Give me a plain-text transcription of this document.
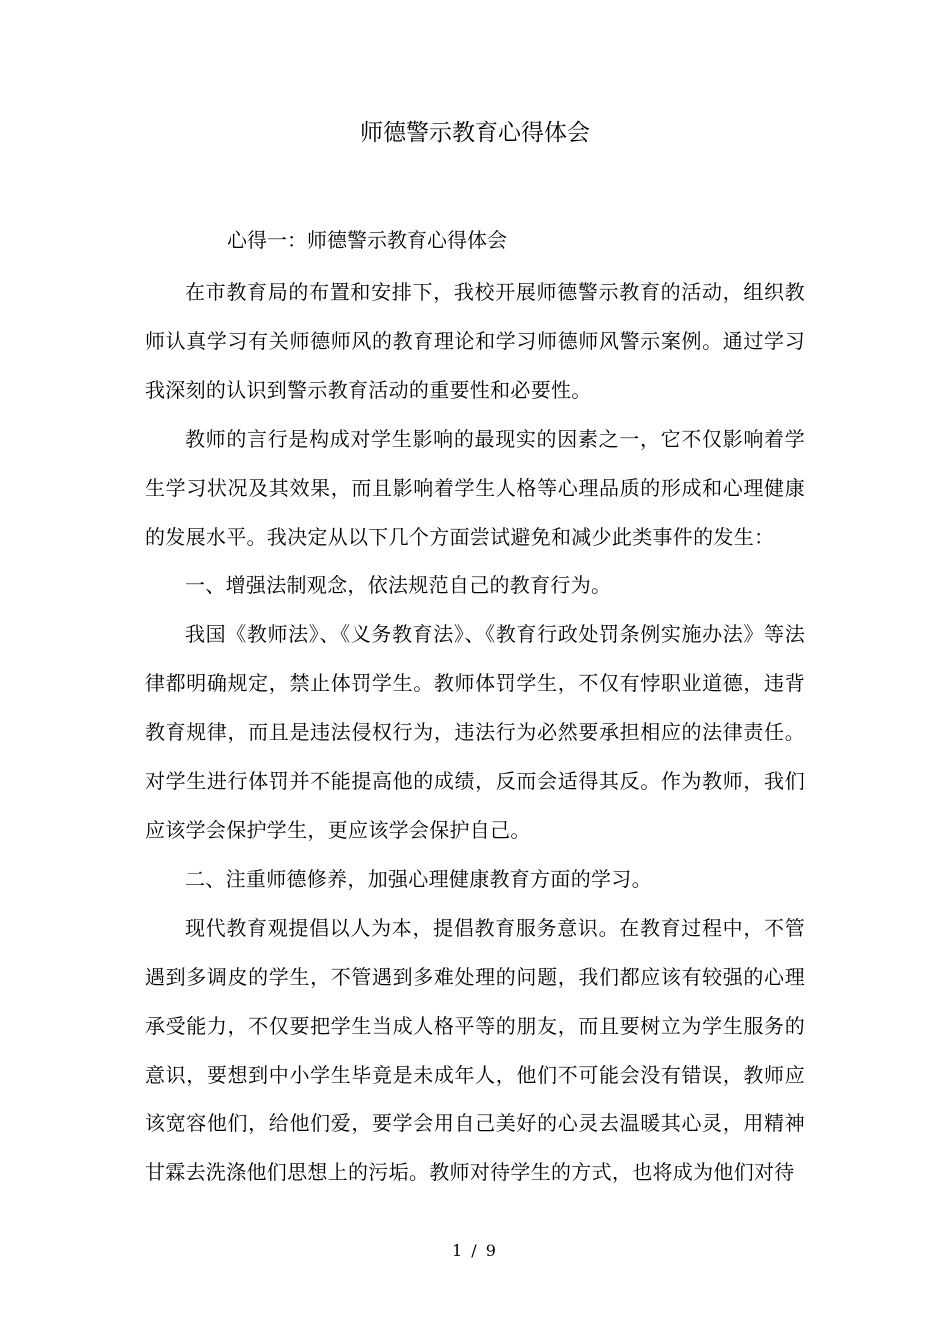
师德警示教育心得体会
心得一：师德警示教育心得体会

在市教育局的布置和安排下，我校开展师德警示教育的活动，组织教师认真学习有关师德师风的教育理论和学习师德师风警示案例。通过学习我深刻的认识到警示教育活动的重要性和必要性。

教师的言行是构成对学生影响的最现实的因素之一，它不仅影响着学生学习状况及其效果，而且影响着学生人格等心理品质的形成和心理健康的发展水平。我决定从以下几个方面尝试避免和减少此类事件的发生：

一、增强法制观念，依法规范自己的教育行为。

我国《教师法》、《义务教育法》、《教育行政处罚条例实施办法》等法律都明确规定，禁止体罚学生。教师体罚学生，不仅有悖职业道德，违背教育规律，而且是违法侵权行为，违法行为必然要承担相应的法律责任。对学生进行体罚并不能提高他的成绩，反而会适得其反。作为教师，我们应该学会保护学生，更应该学会保护自己。

二、注重师德修养，加强心理健康教育方面的学习。

现代教育观提倡以人为本，提倡教育服务意识。在教育过程中，不管遇到多调皮的学生，不管遇到多难处理的问题，我们都应该有较强的心理承受能力，不仅要把学生当成人格平等的朋友，而且要树立为学生服务的意识，要想到中小学生毕竟是未成年人，他们不可能会没有错误，教师应该宽容他们，给他们爱，要学会用自己美好的心灵去温暖其心灵，用精神甘霖去洗涤他们思想上的污垢。教师对待学生的方式，也将成为他们对待

1 / 9
